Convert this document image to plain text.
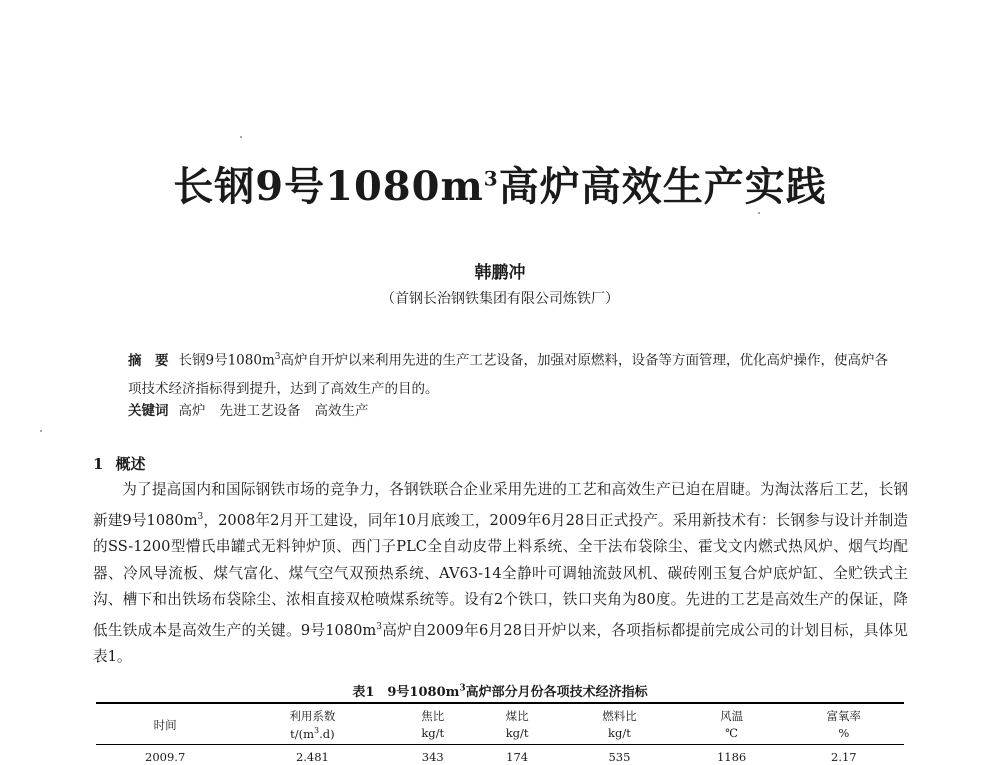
长钢9号$1080m^3$高炉高效生产实践
韩鹏冲
（首钢长治钢铁集团有限公司炼铁厂）
摘　要 长钢9号$1080m^3$高炉自开炉以来利用先进的生产工艺设备，加强对原燃料，设备等方面管理，优化高炉操作，使高炉各项技术经济指标得到提升，达到了高效生产的目的。
关键词 高炉 先进工艺设备 高效生产
1 概述
为了提高国内和国际钢铁市场的竞争力，各钢铁联合企业采用先进的工艺和高效生产已迫在眉睫。为淘汰落后工艺，长钢新建9号$1080m^3$，2008年2月开工建设，同年10月底竣工，2009年6月28日正式投产。采用新技术有：长钢参与设计并制造的SS-1200型懵氏串罐式无料钟炉顶、西门子PLC全自动皮带上料系统、全干法布袋除尘、霍戈文内燃式热风炉、烟气均配器、冷风导流板、煤气富化、煤气空气双预热系统、AV63-14全静叶可调轴流鼓风机、碳砖刚玉复合炉底炉缸、全贮铁式主沟、槽下和出铁场布袋除尘、浓相直接双枪喷煤系统等。设有2个铁口，铁口夹角为80度。先进的工艺是高效生产的保证，降低生铁成本是高效生产的关键。9号$1080m^3$高炉自2009年6月28日开炉以来，各项指标都提前完成公司的计划目标，具体见表1。
表1　9号$1080m^3$高炉部分月份各项技术经济指标
时间	利用系数	焦比	煤比	燃料比	风温	富氧率
	$t/(m^3.d)$	kg/t	kg/t	kg/t	℃	%
2009.7	2.481	343	174	535	1186	2.17
